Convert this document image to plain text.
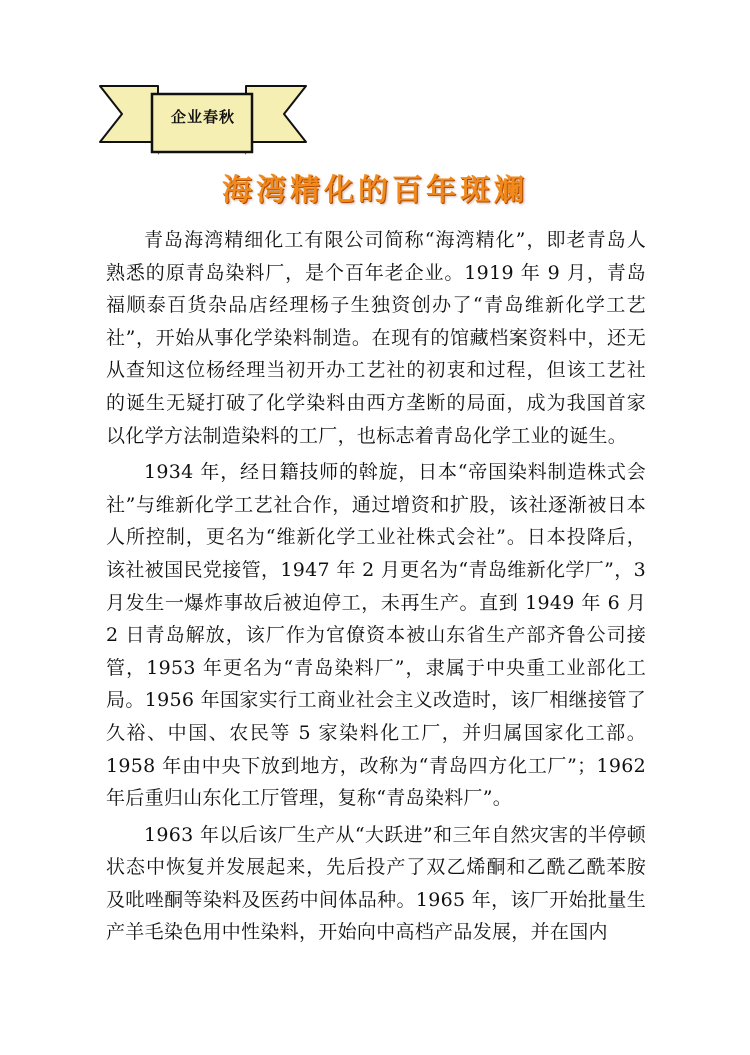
企业春秋
海湾精化的百年斑斓

青岛海湾精细化工有限公司简称“海湾精化”，即老青岛人熟悉的原青岛染料厂，是个百年老企业。1919 年 9 月，青岛福顺泰百货杂品店经理杨子生独资创办了“青岛维新化学工艺社”，开始从事化学染料制造。在现有的馆藏档案资料中，还无从查知这位杨经理当初开办工艺社的初衷和过程，但该工艺社的诞生无疑打破了化学染料由西方垄断的局面，成为我国首家以化学方法制造染料的工厂，也标志着青岛化学工业的诞生。

1934 年，经日籍技师的斡旋，日本“帝国染料制造株式会社”与维新化学工艺社合作，通过增资和扩股，该社逐渐被日本人所控制，更名为“维新化学工业社株式会社”。日本投降后，该社被国民党接管，1947 年 2 月更名为“青岛维新化学厂”，3 月发生一爆炸事故后被迫停工，未再生产。直到 1949 年 6 月 2 日青岛解放，该厂作为官僚资本被山东省生产部齐鲁公司接管，1953 年更名为“青岛染料厂”，隶属于中央重工业部化工局。1956 年国家实行工商业社会主义改造时，该厂相继接管了久裕、中国、农民等 5 家染料化工厂，并归属国家化工部。1958 年由中央下放到地方，改称为“青岛四方化工厂”；1962 年后重归山东化工厅管理，复称“青岛染料厂”。

1963 年以后该厂生产从“大跃进”和三年自然灾害的半停顿状态中恢复并发展起来，先后投产了双乙烯酮和乙酰乙酰苯胺及吡唑酮等染料及医药中间体品种。1965 年，该厂开始批量生产羊毛染色用中性染料，开始向中高档产品发展，并在国内
